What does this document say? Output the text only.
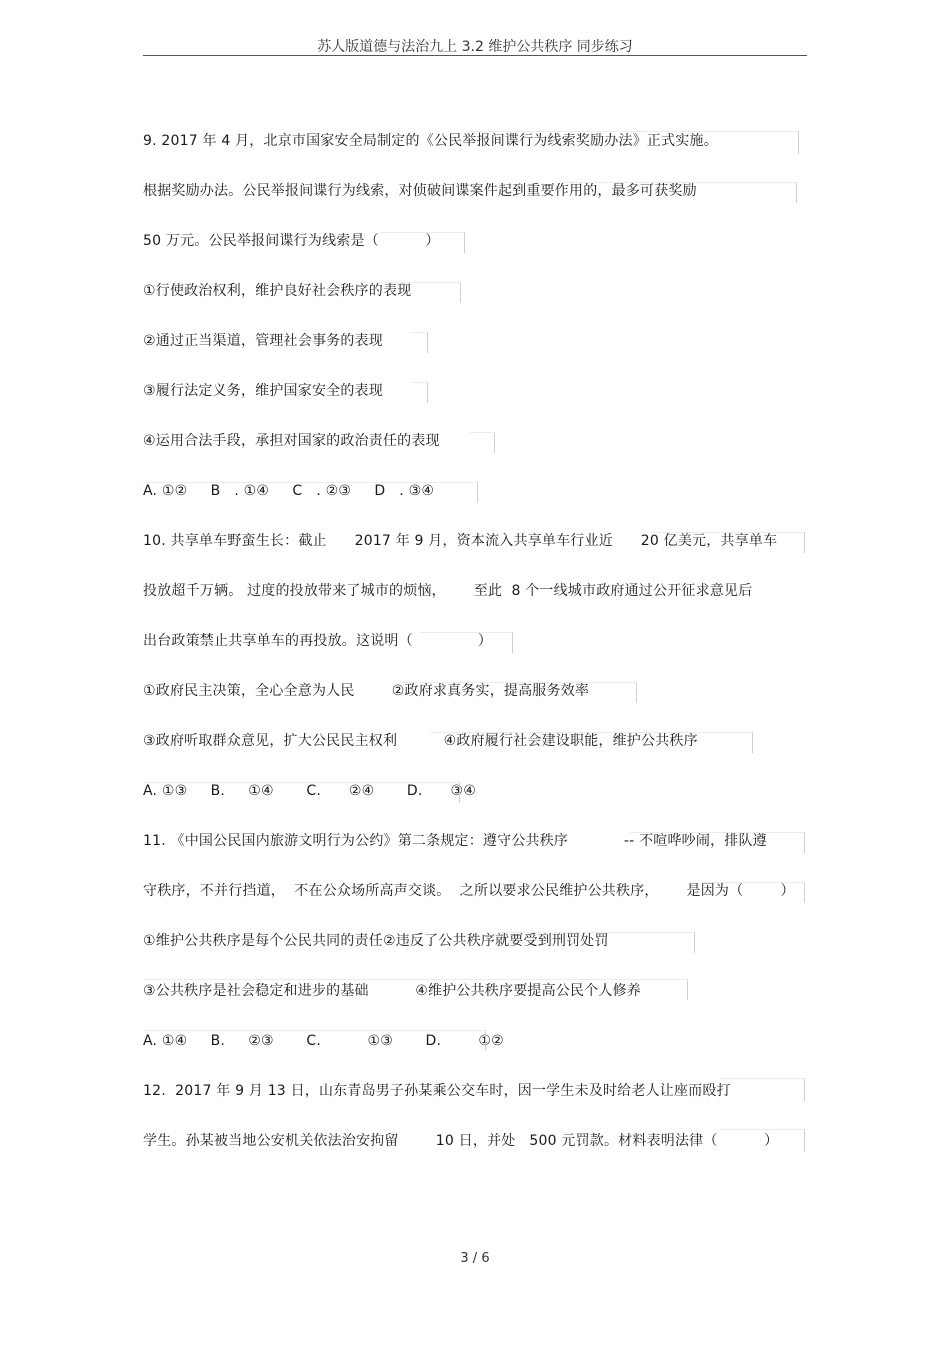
苏人版道德与法治九上 3.2 维护公共秩序 同步练习
9. 2017 年 4 月，北京市国家安全局制定的《公民举报间谍行为线索奖励办法》正式实施。
根据奖励办法。公民举报间谍行为线索，对侦破间谍案件起到重要作用的，最多可获奖励
50 万元。公民举报间谍行为线索是（          ）
①行使政治权利，维护良好社会秩序的表现
②通过正当渠道，管理社会事务的表现
③履行法定义务，维护国家安全的表现
④运用合法手段，承担对国家的政治责任的表现
A. ①②     B   . ①④     C   . ②③     D   . ③④
10. 共享单车野蛮生长：截止      2017 年 9 月，资本流入共享单车行业近      20 亿美元，共享单车
投放超千万辆。 过度的投放带来了城市的烦恼，      至此  8 个一线城市政府通过公开征求意见后
出台政策禁止共享单车的再投放。这说明（              ）
①政府民主决策，全心全意为人民        ②政府求真务实，提高服务效率
③政府听取群众意见，扩大公民民主权利          ④政府履行社会建设职能，维护公共秩序
A. ①③     B.     ①④       C.      ②④       D.      ③④
11. 《中国公民国内旅游文明行为公约》第二条规定：遵守公共秩序            -- 不喧哗吵闹，排队遵
守秩序，不并行挡道，  不在公众场所高声交谈。  之所以要求公民维护公共秩序，      是因为（        ）
①维护公共秩序是每个公民共同的责任②违反了公共秩序就要受到刑罚处罚
③公共秩序是社会稳定和进步的基础          ④维护公共秩序要提高公民个人修养
A. ①④     B.     ②③       C.          ①③       D.        ①②
12.  2017 年 9 月 13 日，山东青岛男子孙某乘公交车时，因一学生未及时给老人让座而殴打
学生。孙某被当地公安机关依法治安拘留        10 日，并处   500 元罚款。材料表明法律（          ）
3 / 6
